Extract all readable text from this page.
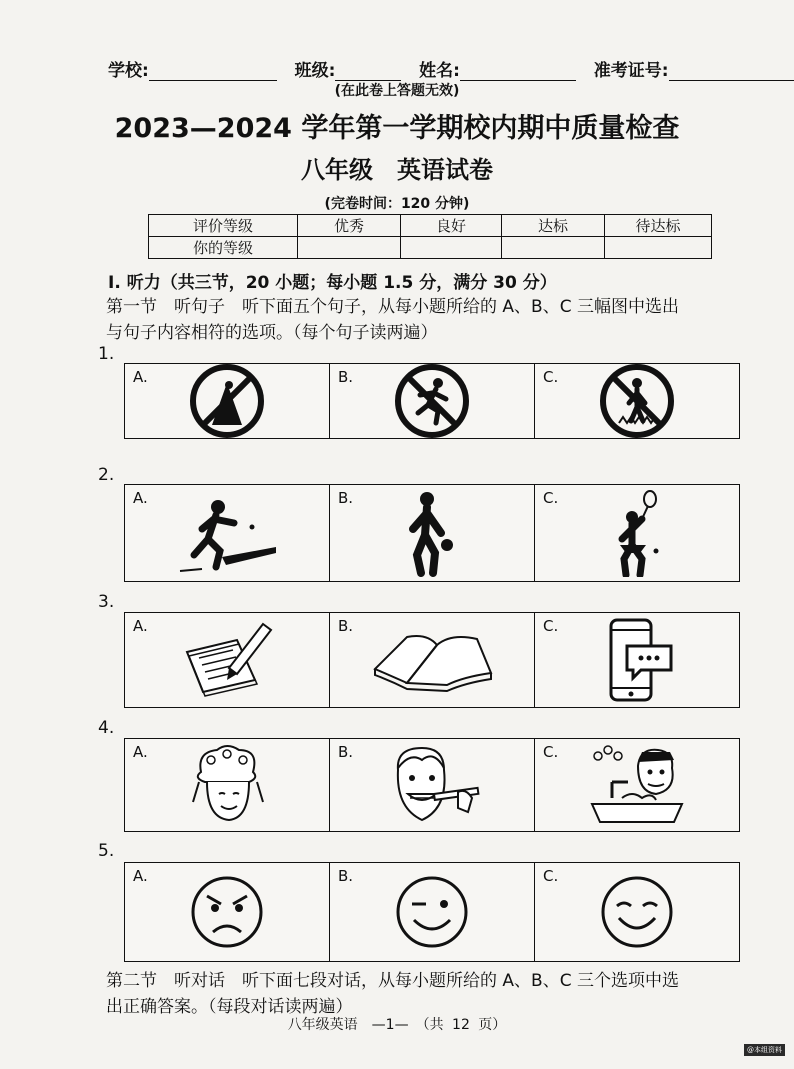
学校:	班级:	姓名:	准考证号:
(在此卷上答题无效)
2023—2024 学年第一学期校内期中质量检查
八年级　英语试卷
(完卷时间：120 分钟)
评价等级	优秀	良好	达标	待达标
你的等级				
Ⅰ. 听力（共三节，20 小题；每小题 1.5 分，满分 30 分）
第一节　听句子　听下面五个句子，从每小题所给的 A、B、C 三幅图中选出
与句子内容相符的选项。（每个句子读两遍）
1.
A.	B.	C.
2.
A.	B.	C.
3.
A.	B.	C.
4.
A.	B.	C.
5.
A.	B.	C.
第二节　听对话　听下面七段对话，从每小题所给的 A、B、C 三个选项中选
出正确答案。（每段对话读两遍）
八年级英语　—1—　（共 12 页）
@本组资料
